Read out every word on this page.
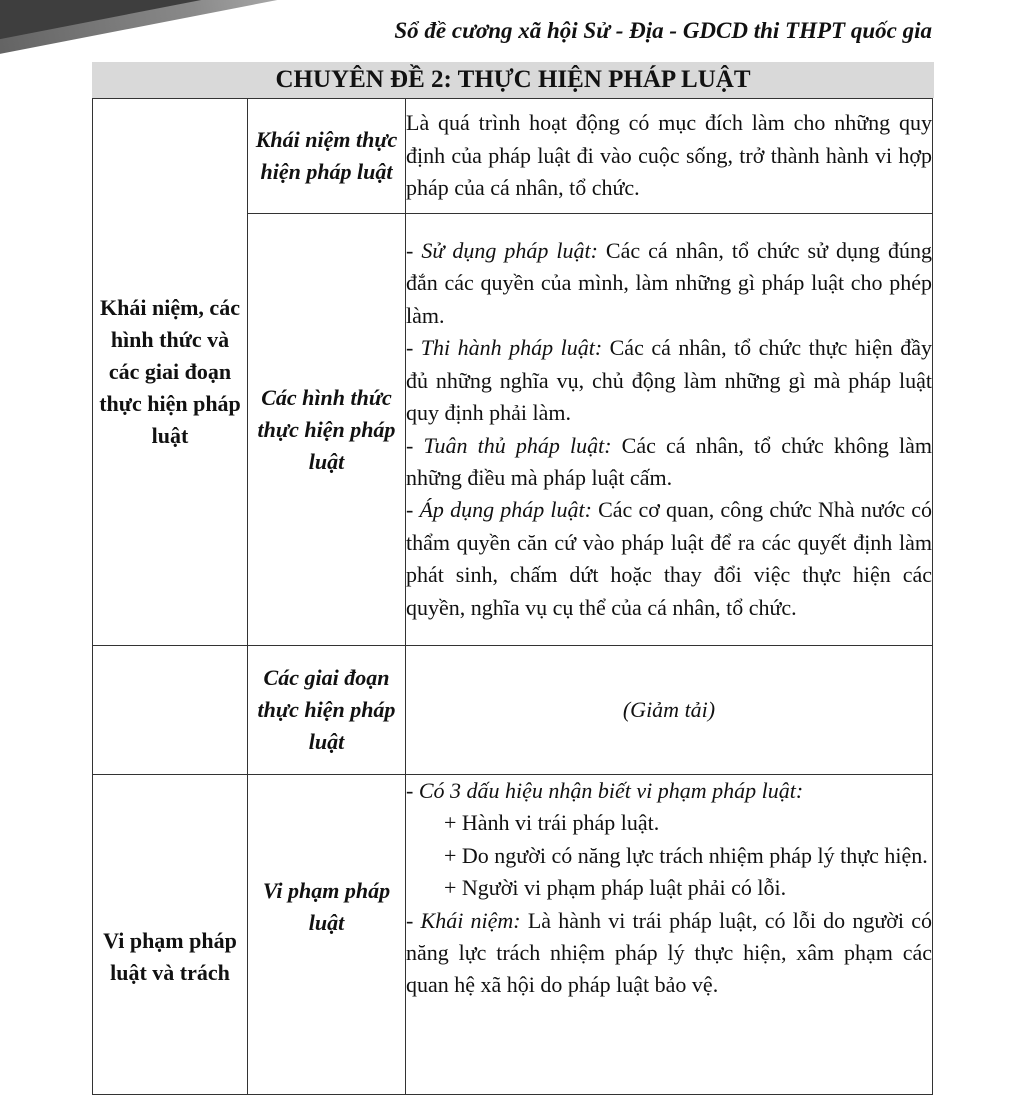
Sổ đề cương xã hội Sử - Địa - GDCD thi THPT quốc gia
CHUYÊN ĐỀ 2: THỰC HIỆN PHÁP LUẬT
Khái niệm, các hình thức và các giai đoạn thực hiện pháp luật	Khái niệm thực hiện pháp luật	Là quá trình hoạt động có mục đích làm cho những quy định của pháp luật đi vào cuộc sống, trở thành hành vi hợp pháp của cá nhân, tổ chức.

	Các hình thức thực hiện pháp luật	- Sử dụng pháp luật: Các cá nhân, tổ chức sử dụng đúng đắn các quyền của mình, làm những gì pháp luật cho phép làm.

- Thi hành pháp luật: Các cá nhân, tổ chức thực hiện đầy đủ những nghĩa vụ, chủ động làm những gì mà pháp luật quy định phải làm.

- Tuân thủ pháp luật: Các cá nhân, tổ chức không làm những điều mà pháp luật cấm.

- Áp dụng pháp luật: Các cơ quan, công chức Nhà nước có thẩm quyền căn cứ vào pháp luật để ra các quyết định làm phát sinh, chấm dứt hoặc thay đổi việc thực hiện các quyền, nghĩa vụ cụ thể của cá nhân, tổ chức.

	Các giai đoạn thực hiện pháp luật	(Giảm tải)
Vi phạm pháp luật và trách	Vi phạm pháp luật	- Có 3 dấu hiệu nhận biết vi phạm pháp luật:

+ Hành vi trái pháp luật.

+ Do người có năng lực trách nhiệm pháp lý thực hiện.

+ Người vi phạm pháp luật phải có lỗi.

- Khái niệm: Là hành vi trái pháp luật, có lỗi do người có năng lực trách nhiệm pháp lý thực hiện, xâm phạm các quan hệ xã hội do pháp luật bảo vệ.
